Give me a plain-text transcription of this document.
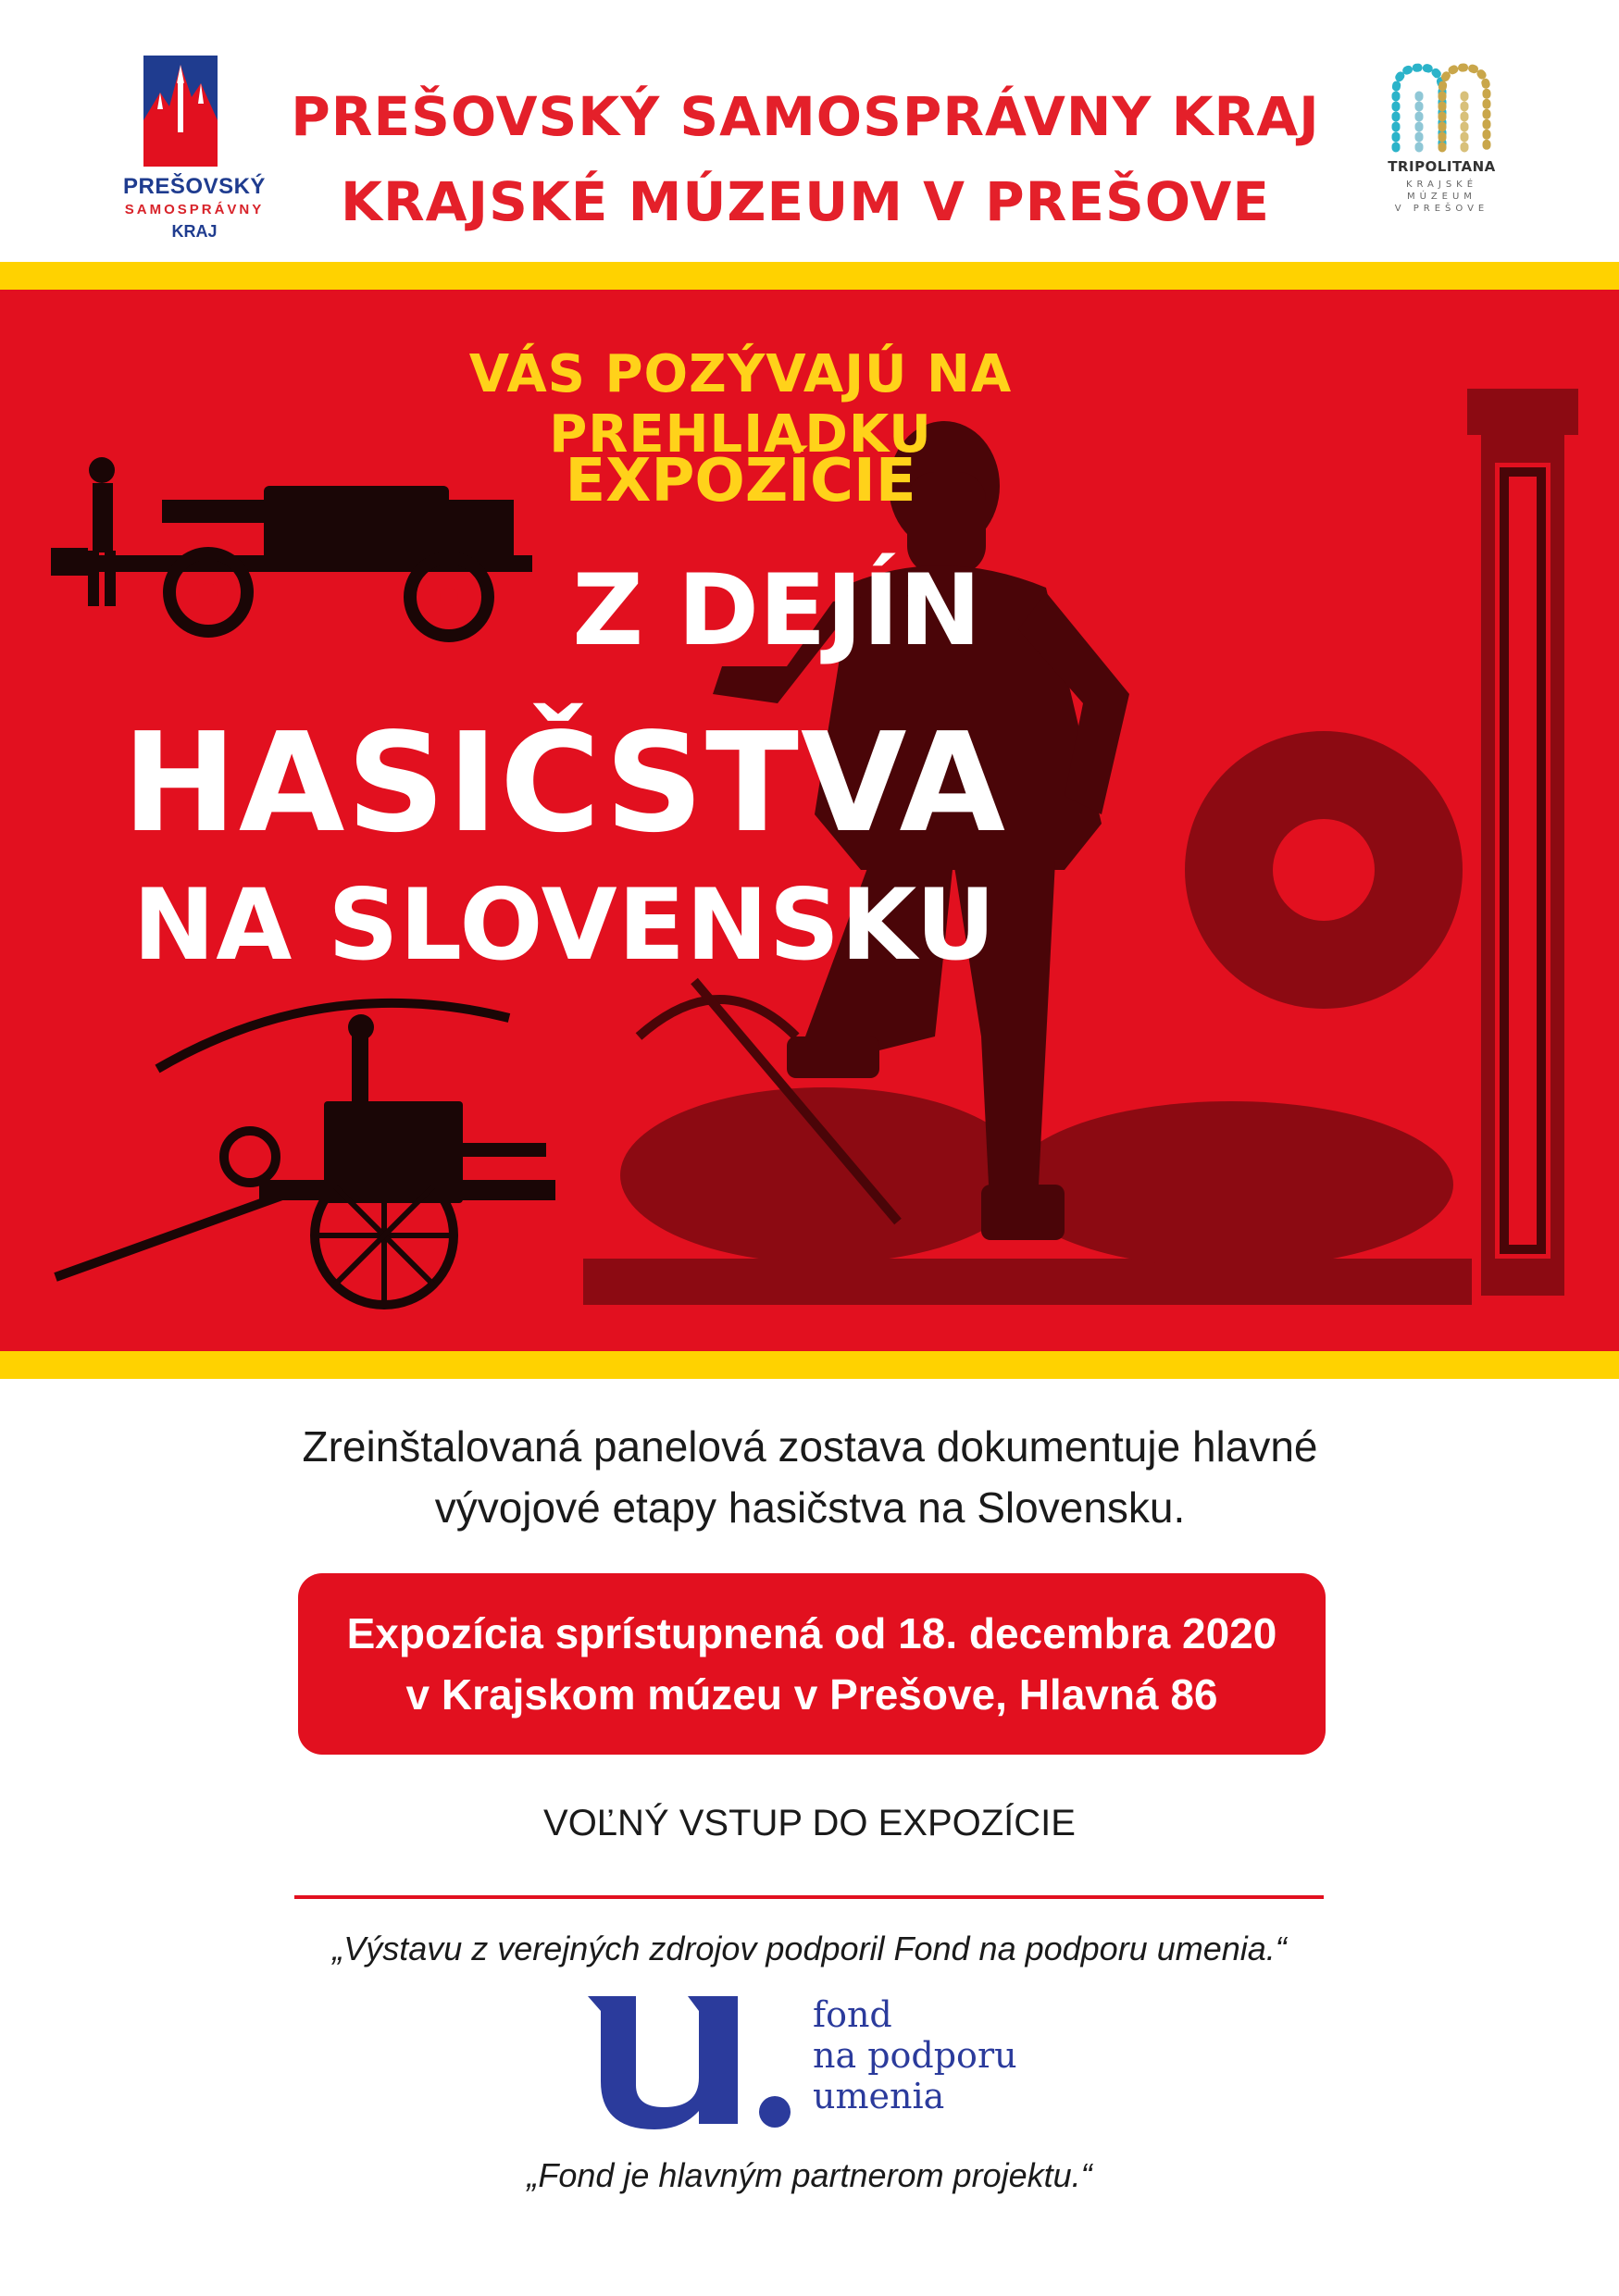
PREŠOVSKÝ
SAMOSPRÁVNY
KRAJ
PREŠOVSKÝ SAMOSPRÁVNY KRAJ
KRAJSKÉ MÚZEUM V PREŠOVE
TRIPOLITANA
KRAJSKÉ
MÚZEUM
V PREŠOVE
VÁS POZÝVAJÚ NA PREHLIADKU
EXPOZÍCIE
Z DEJÍN
HASIČSTVA
NA SLOVENSKU
Zreinštalovaná panelová zostava dokumentuje hlavné
vývojové etapy hasičstva na Slovensku.
Expozícia sprístupnená od 18. decembra 2020
v Krajskom múzeu v Prešove, Hlavná 86
VOĽNÝ VSTUP DO EXPOZÍCIE
„Výstavu z verejných zdrojov podporil Fond na podporu umenia.“
fond
na podporu
umenia
„Fond je hlavným partnerom projektu.“
